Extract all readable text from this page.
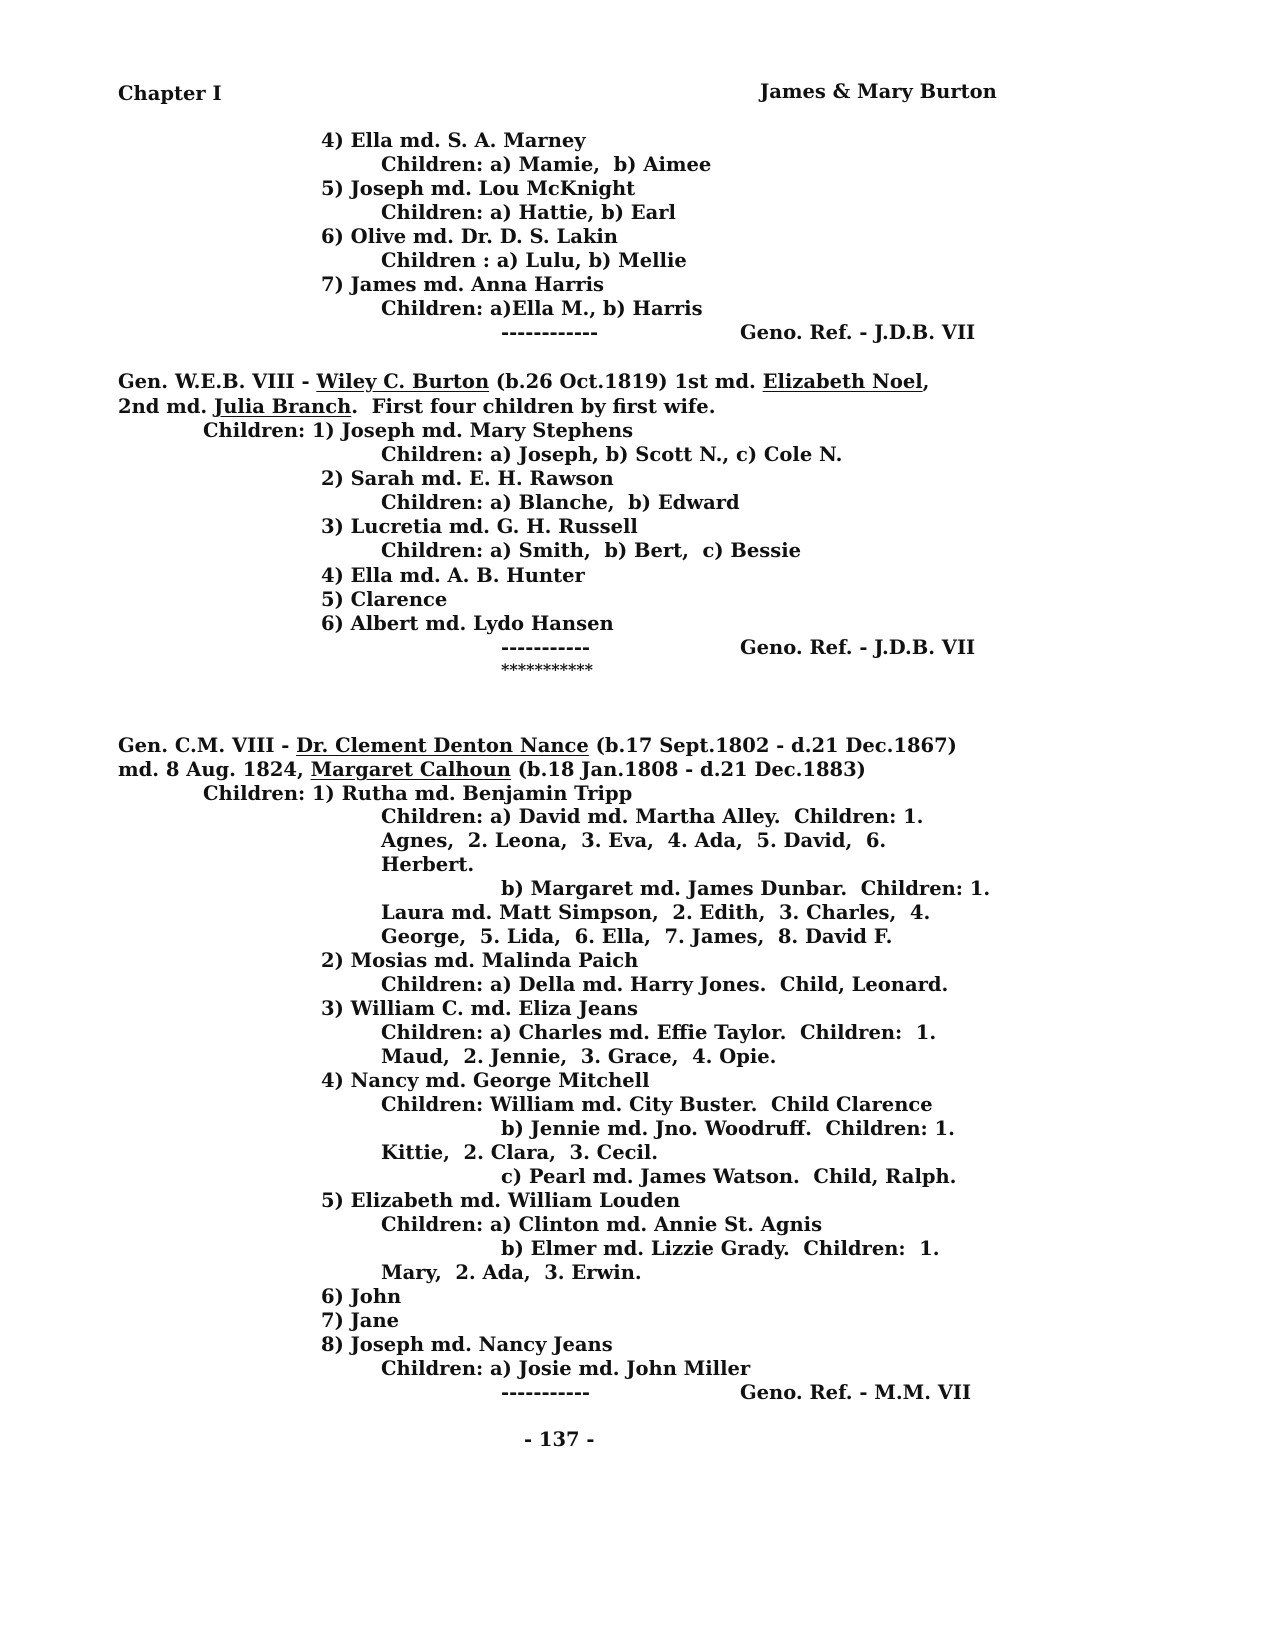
Chapter I	James & Mary Burton
4) Ella md. S. A. Marney
Children: a) Mamie,  b) Aimee
5) Joseph md. Lou McKnight
Children: a) Hattie, b) Earl
6) Olive md. Dr. D. S. Lakin
Children : a) Lulu, b) Mellie
7) James md. Anna Harris
Children: a)Ella M., b) Harris
------------	Geno. Ref. - J.D.B. VII
Gen. W.E.B. VIII - Wiley C. Burton (b.26 Oct.1819) 1st md. Elizabeth Noel,
2nd md. Julia Branch.  First four children by first wife.
Children: 1) Joseph md. Mary Stephens
Children: a) Joseph, b) Scott N., c) Cole N.
2) Sarah md. E. H. Rawson
Children: a) Blanche,  b) Edward
3) Lucretia md. G. H. Russell
Children: a) Smith,  b) Bert,  c) Bessie
4) Ella md. A. B. Hunter
5) Clarence
6) Albert md. Lydo Hansen
-----------	Geno. Ref. - J.D.B. VII
***********
Gen. C.M. VIII - Dr. Clement Denton Nance (b.17 Sept.1802 - d.21 Dec.1867)
md. 8 Aug. 1824, Margaret Calhoun (b.18 Jan.1808 - d.21 Dec.1883)
Children: 1) Rutha md. Benjamin Tripp
Children: a) David md. Martha Alley.  Children: 1.
Agnes,  2. Leona,  3. Eva,  4. Ada,  5. David,  6.
Herbert.
b) Margaret md. James Dunbar.  Children: 1.
Laura md. Matt Simpson,  2. Edith,  3. Charles,  4.
George,  5. Lida,  6. Ella,  7. James,  8. David F.
2) Mosias md. Malinda Paich
Children: a) Della md. Harry Jones.  Child, Leonard.
3) William C. md. Eliza Jeans
Children: a) Charles md. Effie Taylor.  Children:  1.
Maud,  2. Jennie,  3. Grace,  4. Opie.
4) Nancy md. George Mitchell
Children: William md. City Buster.  Child Clarence
b) Jennie md. Jno. Woodruff.  Children: 1.
Kittie,  2. Clara,  3. Cecil.
c) Pearl md. James Watson.  Child, Ralph.
5) Elizabeth md. William Louden
Children: a) Clinton md. Annie St. Agnis
b) Elmer md. Lizzie Grady.  Children:  1.
Mary,  2. Ada,  3. Erwin.
6) John
7) Jane
8) Joseph md. Nancy Jeans
Children: a) Josie md. John Miller
-----------	Geno. Ref. - M.M. VII
- 137 -
